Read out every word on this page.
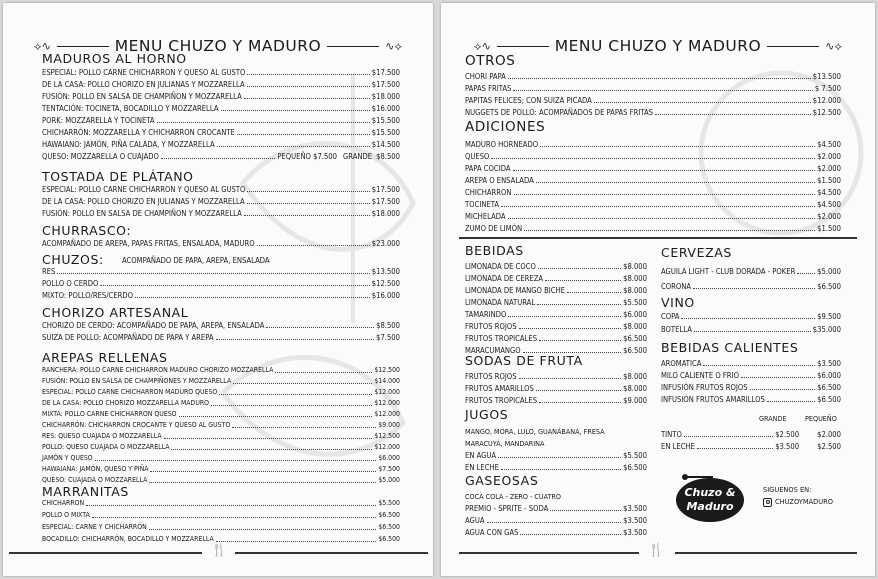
⟡∿	MENU CHUZO Y MADURO	∿⟡
MADUROS AL HORNO
ESPECIAL: POLLO CARNE CHICHARRON Y QUESO AL GUSTO	$17.500
DE LA CASA: POLLO CHORIZO EN JULIANAS Y MOZZARELLA	$17.500
FUSIÓN: POLLO EN SALSA DE CHAMPIÑON Y MOZZARELLA	$18.000
TENTACIÓN: TOCINETA, BOCADILLO Y MOZZARELLA	$16.000
PORK: MOZZARELLA Y TOCINETA	$15.500
CHICHARRÓN: MOZZARELLA Y CHICHARRON CROCANTE	$15.500
HAWAIANO: JAMÓN, PIÑA CALADA, Y MOZZARELLA	$14.500
QUESO: MOZZARELLA O CUAJADO	PEQUEÑO $7.500 GRANDE $8.500
TOSTADA DE PLÁTANO
ESPECIAL: POLLO CARNE CHICHARRON Y QUESO AL GUSTO	$17.500
DE LA CASA: POLLO CHORIZO EN JULIANAS Y MOZZARELLA	$17.500
FUSIÓN: POLLO EN SALSA DE CHAMPIÑON Y MOZZARELLA	$18.000
CHURRASCO:
ACOMPAÑADO DE AREPA, PAPAS FRITAS, ENSALADA, MADURO	$23.000
CHUZOS: ACOMPAÑADO DE PAPA, AREPA, ENSALADA
RES	$13.500
POLLO O CERDO	$12.500
MIXTO: POLLO/RES/CERDO	$16.000
CHORIZO ARTESANAL
CHORIZO DE CERDO: ACOMPAÑADO DE PAPA, AREPA, ENSALADA	$8.500
SUIZA DE POLLO: ACOMPAÑADO DE PAPA Y AREPA	$7.500
AREPAS RELLENAS
RANCHERA: POLLO CARNE CHICHARRON MADURO CHORIZO MOZZARELLA	$12.500
FUSIÓN: POLLO EN SALSA DE CHAMPIÑONES Y MOZZARELLA	$14.000
ESPECIAL: POLLO CARNE CHICHARRON MADURO QUESO	$12.000
DE LA CASA: POLLO CHORIZO MOZZARELLA MADURO	$12.000
MIXTA: POLLO CARNE CHICHARRON QUESO	$12.000
CHICHARRÓN: CHICHARRON CROCANTE Y QUESO AL GUSTO	$9.000
RES: QUESO CUAJADA O MOZZARELLA	$12.500
POLLO: QUESO CUAJADA O MOZZARELLA	$12.000
JAMÓN Y QUESO	$6.000
HAWAIANA: JAMÓN, QUESO Y PIÑA	$7.500
QUESO: CUAJADA O MOZZARELLA	$5.000
MARRANITAS
CHICHARRON	$5.500
POLLO O MIXTA	$6.500
ESPECIAL: CARNE Y CHICHARRÓN	$6.500
BOCADILLO: CHICHARRÓN, BOCADILLO Y MOZZARELLA	$6.500
🍴
⟡∿	MENU CHUZO Y MADURO	∿⟡
OTROS
CHORI PAPA	$13.500
PAPAS FRITAS	$ 7.500
PAPITAS FELICES; CON SUIZA PICADA	$12.000
NUGGETS DE POLLO: ACOMPAÑADOS DE PAPAS FRITAS	$12.500
ADICIONES
MADURO HORNEADO	$4.500
QUESO	$2.000
PAPA COCIDA	$2.000
AREPA O ENSALADA	$1.500
CHICHARRON	$4.500
TOCINETA	$4.500
MICHELADA	$2.000
ZUMO DE LIMÓN	$1.500
BEBIDAS
LIMONADA DE COCO	$8.000
LIMONADA DE CEREZA	$8.000
LIMONADA DE MANGO BICHE	$8.000
LIMONADA NATURAL	$5.500
TAMARINDO	$6.000
FRUTOS ROJOS	$8.000
FRUTOS TROPICALES	$6.500
MARACUMANGO	$6.500
SODAS DE FRUTA
FRUTOS ROJOS	$8.000
FRUTOS AMARILLOS	$8.000
FRUTOS TROPICALES	$9.000
JUGOS
MANGO, MORA, LULO, GUANÁBANA, FRESA
MARACUYÁ, MANDARINA
EN AGUA	$5.500
EN LECHE	$6.500
GASEOSAS
COCA COLA - ZERO - CUATRO
PREMIO - SPRITE - SODA	$3.500
AGUA	$3.500
AGUA CON GAS	$3.500
CERVEZAS
AGUILA LIGHT - CLUB DORADA - POKER	$5.000
CORONA	$6.500
VINO
COPA	$9.500
BOTELLA	$35.000
BEBIDAS CALIENTES
AROMATICA	$3.500
MILO CALIENTE O FRIO	$6.000
INFUSIÓN FRUTOS ROJOS	$6.500
INFUSIÓN FRUTOS AMARILLOS	$6.500
GRANDE	PEQUEÑO
TINTO	$2.500 $2.000
EN LECHE	$3.500 $2.500
Chuzo &
Maduro
SIGUENOS EN:
CHUZOYMADURO
🍴
